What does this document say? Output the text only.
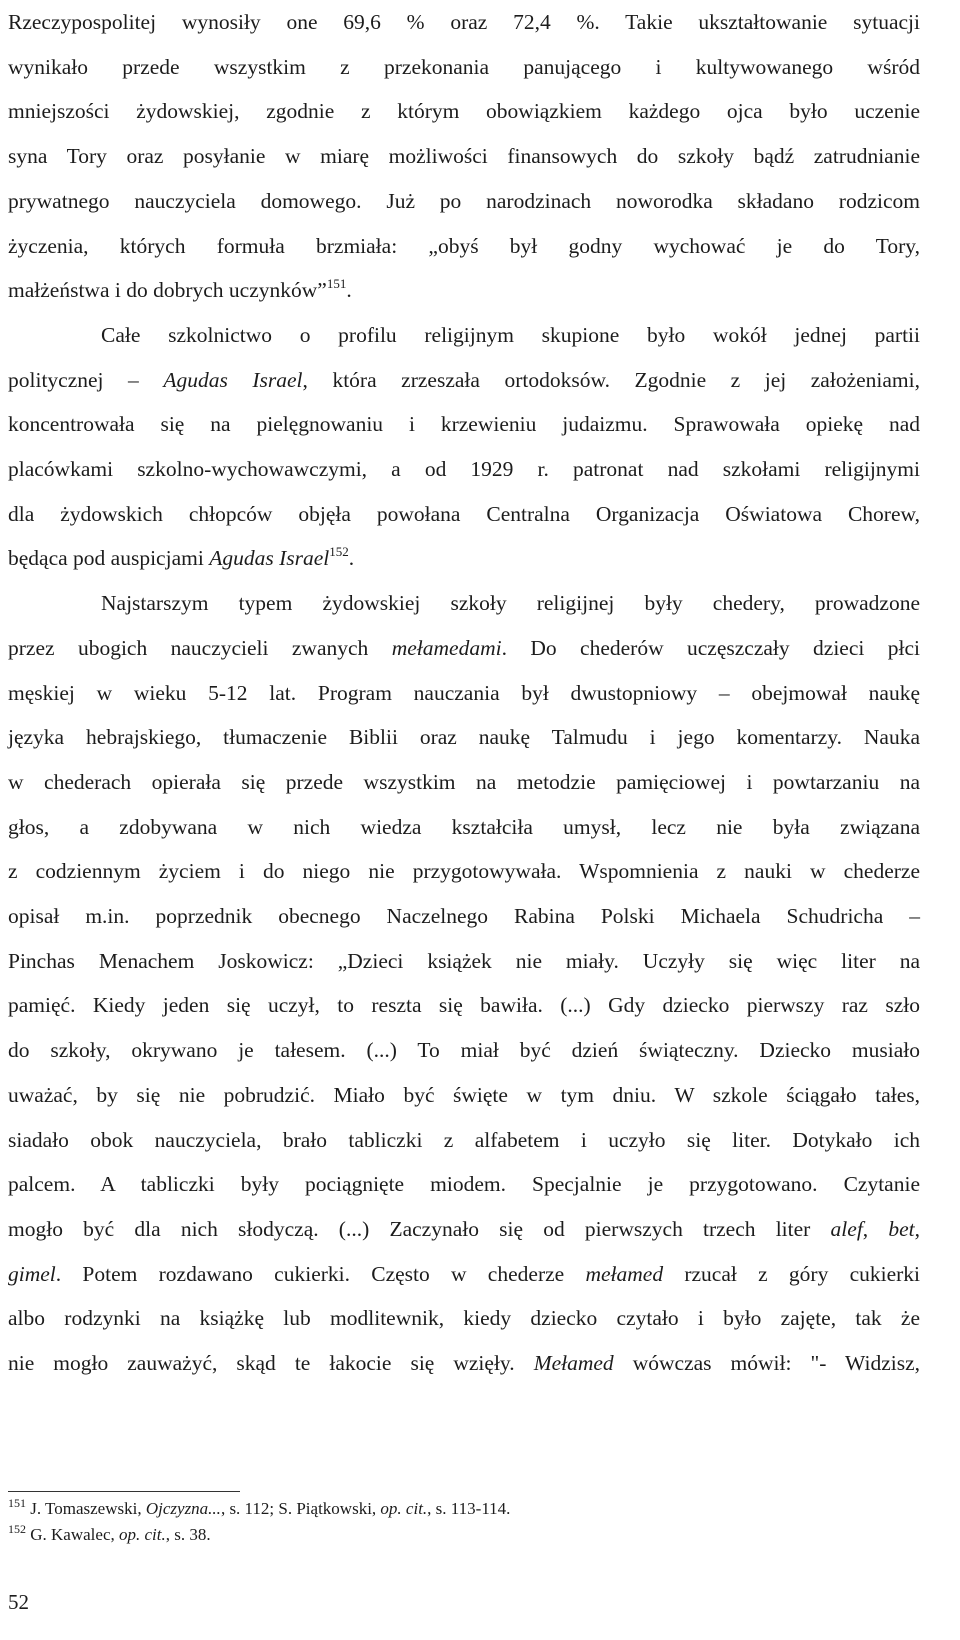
Rzeczypospolitej wynosiły one 69,6 % oraz 72,4 %. Takie ukształtowanie sytuacji
wynikało przede wszystkim z przekonania panującego i kultywowanego wśród
mniejszości żydowskiej, zgodnie z którym obowiązkiem każdego ojca było uczenie
syna Tory oraz posyłanie w miarę możliwości finansowych do szkoły bądź zatrudnianie
prywatnego nauczyciela domowego. Już po narodzinach noworodka składano rodzicom
życzenia, których formuła brzmiała: „obyś był godny wychować je do Tory,
małżeństwa i do dobrych uczynków”$^{151}$.
Całe szkolnictwo o profilu religijnym skupione było wokół jednej partii
politycznej – Agudas Israel, która zrzeszała ortodoksów. Zgodnie z jej założeniami,
koncentrowała się na pielęgnowaniu i krzewieniu judaizmu. Sprawowała opiekę nad
placówkami szkolno-wychowawczymi, a od 1929 r. patronat nad szkołami religijnymi
dla żydowskich chłopców objęła powołana Centralna Organizacja Oświatowa Chorew,
będąca pod auspicjami Agudas Israel$^{152}$.
Najstarszym typem żydowskiej szkoły religijnej były chedery, prowadzone
przez ubogich nauczycieli zwanych mełamedami. Do chederów uczęszczały dzieci płci
męskiej w wieku 5-12 lat. Program nauczania był dwustopniowy – obejmował naukę
języka hebrajskiego, tłumaczenie Biblii oraz naukę Talmudu i jego komentarzy. Nauka
w chederach opierała się przede wszystkim na metodzie pamięciowej i powtarzaniu na
głos, a zdobywana w nich wiedza kształciła umysł, lecz nie była związana
z codziennym życiem i do niego nie przygotowywała. Wspomnienia z nauki w chederze
opisał m.in. poprzednik obecnego Naczelnego Rabina Polski Michaela Schudricha –
Pinchas Menachem Joskowicz: „Dzieci książek nie miały. Uczyły się więc liter na
pamięć. Kiedy jeden się uczył, to reszta się bawiła. (...) Gdy dziecko pierwszy raz szło
do szkoły, okrywano je tałesem. (...) To miał być dzień świąteczny. Dziecko musiało
uważać, by się nie pobrudzić. Miało być święte w tym dniu. W szkole ściągało tałes,
siadało obok nauczyciela, brało tabliczki z alfabetem i uczyło się liter. Dotykało ich
palcem. A tabliczki były pociągnięte miodem. Specjalnie je przygotowano. Czytanie
mogło być dla nich słodyczą. (...) Zaczynało się od pierwszych trzech liter alef, bet,
gimel. Potem rozdawano cukierki. Często w chederze mełamed rzucał z góry cukierki
albo rodzynki na książkę lub modlitewnik, kiedy dziecko czytało i było zajęte, tak że
nie mogło zauważyć, skąd te łakocie się wzięły. Mełamed wówczas mówił: "- Widzisz,
$^{151}$ J. Tomaszewski, Ojczyzna..., s. 112; S. Piątkowski, op. cit., s. 113-114.
$^{152}$ G. Kawalec, op. cit., s. 38.
52
